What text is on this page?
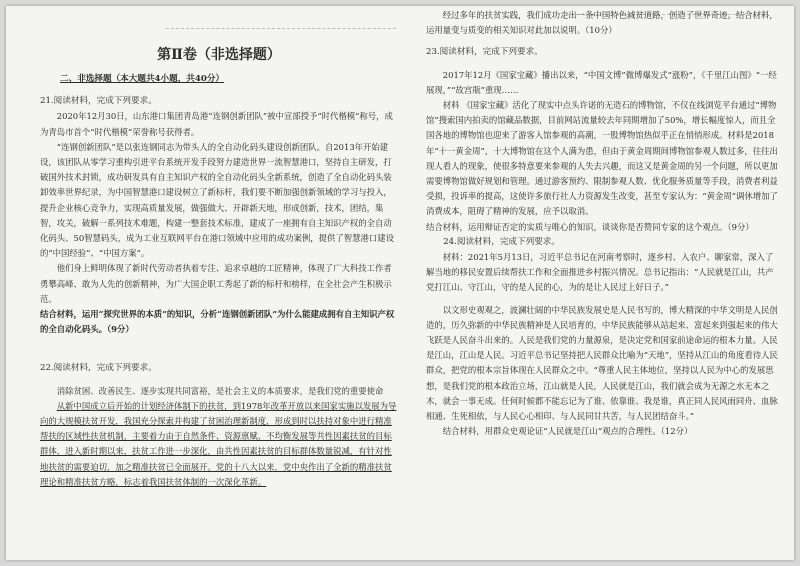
第Ⅱ卷（非选择题）

二、非选择题（本大题共4小题，共40分）

21.阅读材料，完成下列要求。

2020年12月30日，山东港口集团青岛港“连钢创新团队”被中宣部授予“时代楷模”称号，成为青岛市首个“时代楷模”荣誉称号获得者。

“连钢创新团队”是以张连钢同志为带头人的全自动化码头建设创新团队。自2013年开始建设，该团队从零学习重构引进平台系统开发手段努力建造世界一流智慧港口，坚持自主研发，打破国外技术封锁，成功研发具有自主知识产权的全自动化码头全新系统，创造了全自动化码头装卸效率世界纪录，为中国智慧港口建设树立了新标杆，我们要不断加强创新领域的学习与投入，提升企业核心竞争力，实现高质量发展，做强做大、开辟新天地，形成创新，技术，团结，集智，攻关，破解一系列技术难题，构建一整套技术标准，建成了一座拥有自主知识产权的全自动化码头、50智慧码头，成为工业互联网平台在港口领域中应用的成功案例，提供了智慧港口建设的“中国经验”、“中国方案”。

他们身上鲜明体现了新时代劳动者执着专注、追求卓越的工匠精神，体现了广大科技工作者勇攀高峰、敢为人先的创新精神，为广大国企职工秀起了新的标杆和榜样，在全社会产生积极示范。

结合材料，运用“探究世界的本质”的知识，分析“连钢创新团队”为什么能建成拥有自主知识产权的全自动化码头。（9分）

22.阅读材料，完成下列要求。

消除贫困、改善民生、逐步实现共同富裕，是社会主义的本质要求，是我们党的重要使命

从新中国成立后开始的计划经济体制下的扶贫，到1978年改革开放以来国家实施以发展为导向的大规模扶贫开发，我国充分探索并构建了贫困治理新制度，形成到时以扶持对象中进行精准帮扶的区域性扶贫机制，主要着力由于自然条件、资源禀赋、不均衡发展等共性因素扶贫的目标群体，进入新时期以来，扶贫工作进一步深化，由共性因素扶贫的目标群体数量锐减，有针对性地扶贫的需要迫切，加之精准扶贫已全面展开。党的十八大以来，党中央作出了全新的精准扶贫理论和精准扶贫方略，标志着我国扶贫体制的一次深化革新。

经过多年的扶贫实践，我们成功走出一条中国特色减贫道路，创造了世界奇迹。结合材料，运用量变与质变的相关知识对此加以说明。（10分）

23.阅读材料，完成下列要求。

2017年12月《国家宝藏》播出以来，“中国文博”微博爆发式“涨粉”，《千里江山图》“一经展现，”“故宫瓶”重现……

材料 《国家宝藏》活化了现实中点头许诺的无造石的博物馆，不仅在线浏览平台通过“博物馆”搜索国内拍卖的馆藏品数据，目前网站流量较去年同期增加了50%，增长幅度惊人，而且全国各地的博物馆也迎来了游客入馆参观的高潮，一股博物馆热似乎正在悄悄形成。材料是2018年“十一黄金周”，十大博物馆在这个人满为患，但由于黄金周期间博物馆参观人数过多，往往出现人看人的现象，使很多特意要来参观的人失去兴趣，而这又是黄金周的另一个问题，所以更加需要博物馆做好规划和管理。通过游客预约、限制参观人数、优化服务质量等手段，消费者利益受损，投诉率的提高，这使许多旅行社人力资源发生改变，甚至专家认为：“黄金周”调休增加了消费成本，阻碍了精神的发展，应予以取消。

结合材料，运用辩证否定的实质与唯心的知识，谈谈你是否赞同专家的这个观点。（9分）

24.阅读材料，完成下列要求。

材料：2021年5月13日，习近平总书记在河南考察时，逐乡村、入农户、聊家常，深入了解当地的移民安置后续帮扶工作和全面推进乡村振兴情况。总书记指出：“人民就是江山，共产党打江山、守江山，守的是人民的心，为的是让人民过上好日子。”

以文形史观观之，波澜壮阔的中华民族发展史是人民书写的，博大精深的中华文明是人民创造的，历久弥新的中华民族精神是人民培育的，中华民族能够从站起来、富起来到强起来的伟大飞跃是人民奋斗出来的。人民是我们党的力量源泉，是决定党和国家前途命运的根本力量。人民是江山，江山是人民。习近平总书记坚持把人民群众比喻为“天地”，坚持从江山的角度看待人民群众，把党的根本宗旨体现在人民群众之中。“尊重人民主体地位，坚持以人民为中心的发展思想，是我们党的根本政治立场，江山就是人民，人民就是江山，我们就会成为无源之水无本之木，就会一事无成。任何时候都不能忘记为了谁、依靠谁、我是谁，真正同人民风雨同舟、血脉相通、生死相依，与人民心心相印、与人民同甘共苦，与人民团结奋斗。”

结合材料，用群众史观论证“人民就是江山”观点的合理性。（12分）
